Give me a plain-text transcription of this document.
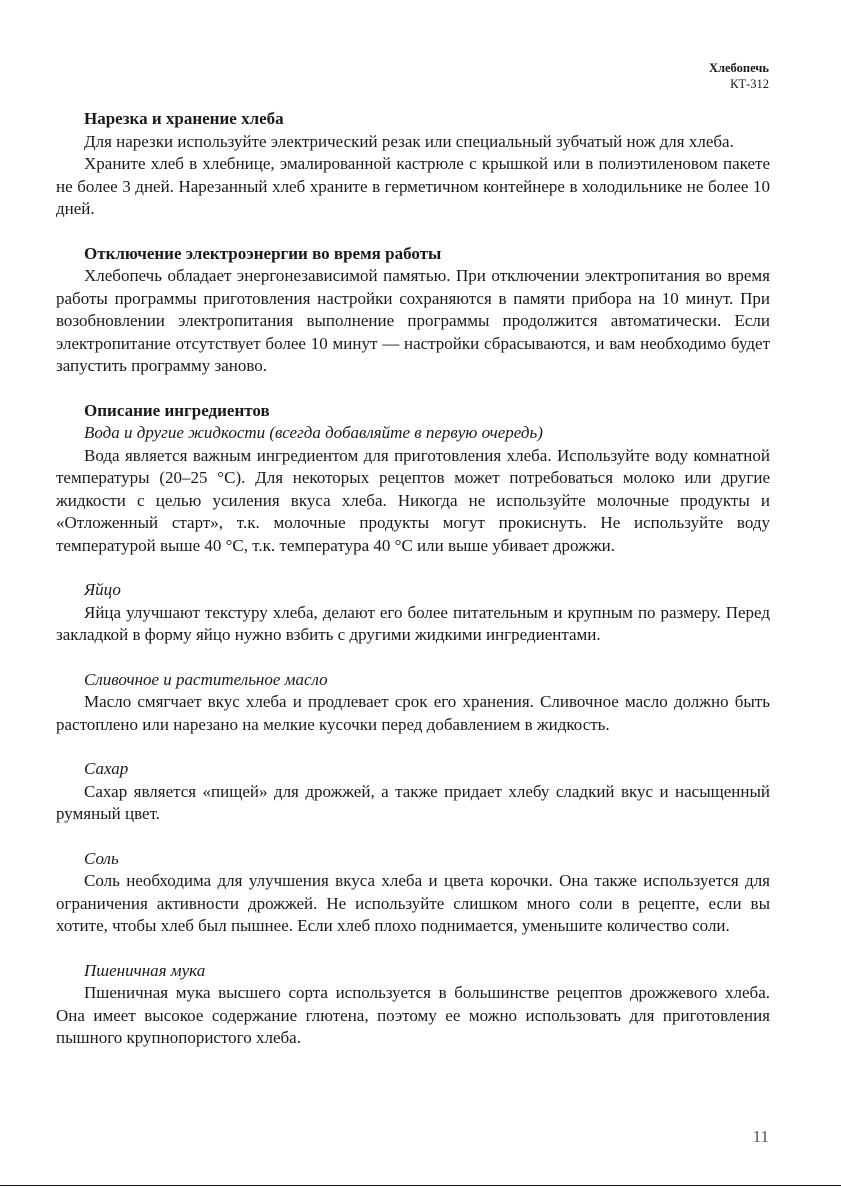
Хлебопечь
КТ-312
Нарезка и хранение хлеба

Для нарезки используйте электрический резак или специальный зубчатый нож для хлеба.

Храните хлеб в хлебнице, эмалированной кастрюле с крышкой или в полиэтиленовом пакете не более 3 дней. Нарезанный хлеб храните в герметичном контейнере в холодильнике не более 10 дней.

Отключение электроэнергии во время работы

Хлебопечь обладает энергонезависимой памятью. При отключении электропитания во время работы программы приготовления настройки сохраняются в памяти прибора на 10 минут. При возобновлении электропитания выполнение программы продолжится автоматически. Если электропитание отсутствует более 10 минут — настройки сбрасываются, и вам необходимо будет запустить программу заново.

Описание ингредиентов
Вода и другие жидкости (всегда добавляйте в первую очередь)

Вода является важным ингредиентом для приготовления хлеба. Используйте воду комнатной температуры (20–25 °С). Для некоторых рецептов может потребоваться молоко или другие жидкости с целью усиления вкуса хлеба. Никогда не используйте молочные продукты и «Отложенный старт», т.к. молочные продукты могут прокиснуть. Не используйте воду температурой выше 40 °С, т.к. температура 40 °С или выше убивает дрожжи.

Яйцо

Яйца улучшают текстуру хлеба, делают его более питательным и крупным по размеру. Перед закладкой в форму яйцо нужно взбить с другими жидкими ингредиентами.

Сливочное и растительное масло

Масло смягчает вкус хлеба и продлевает срок его хранения. Сливочное масло должно быть растоплено или нарезано на мелкие кусочки перед добавлением в жидкость.

Сахар

Сахар является «пищей» для дрожжей, а также придает хлебу сладкий вкус и насыщенный румяный цвет.

Соль

Соль необходима для улучшения вкуса хлеба и цвета корочки. Она также используется для ограничения активности дрожжей. Не используйте слишком много соли в рецепте, если вы хотите, чтобы хлеб был пышнее. Если хлеб плохо поднимается, уменьшите количество соли.

Пшеничная мука

Пшеничная мука высшего сорта используется в большинстве рецептов дрожжевого хлеба. Она имеет высокое содержание глютена, поэтому ее можно использовать для приготовления пышного крупнопористого хлеба.

11
